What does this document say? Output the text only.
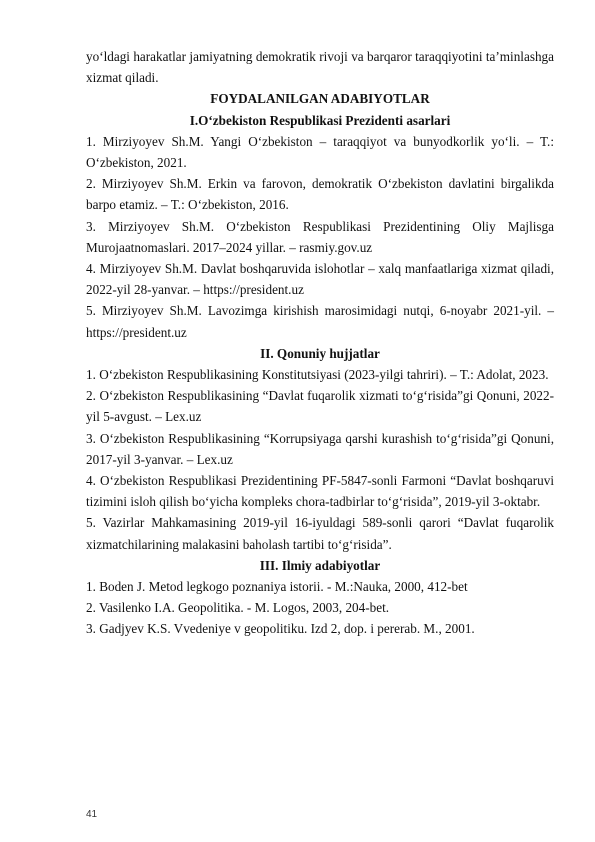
yo‘ldagi harakatlar jamiyatning demokratik rivoji va barqaror taraqqiyotini ta’minlashga xizmat qiladi.

FOYDALANILGAN ADABIYOTLAR

I.O‘zbekiston Respublikasi Prezidenti asarlari

1. Mirziyoyev Sh.M. Yangi O‘zbekiston – taraqqiyot va bunyodkorlik yo‘li. – T.: O‘zbekiston, 2021.

2. Mirziyoyev Sh.M. Erkin va farovon, demokratik O‘zbekiston davlatini birgalikda barpo etamiz. – T.: O‘zbekiston, 2016.

3. Mirziyoyev Sh.M. O‘zbekiston Respublikasi Prezidentining Oliy Majlisga Murojaatnomaslari. 2017–2024 yillar. – rasmiy.gov.uz

4. Mirziyoyev Sh.M. Davlat boshqaruvida islohotlar – xalq manfaatlariga xizmat qiladi, 2022-yil 28-yanvar. – https://president.uz

5. Mirziyoyev Sh.M. Lavozimga kirishish marosimidagi nutqi, 6-noyabr 2021-yil. – https://president.uz

II. Qonuniy hujjatlar

1. O‘zbekiston Respublikasining Konstitutsiyasi (2023-yilgi tahriri). – T.: Adolat, 2023.

2. O‘zbekiston Respublikasining “Davlat fuqarolik xizmati to‘g‘risida”gi Qonuni, 2022-yil 5-avgust. – Lex.uz

3. O‘zbekiston Respublikasining “Korrupsiyaga qarshi kurashish to‘g‘risida”gi Qonuni, 2017-yil 3-yanvar. – Lex.uz

4. O‘zbekiston Respublikasi Prezidentining PF-5847-sonli Farmoni “Davlat boshqaruvi tizimini isloh qilish bo‘yicha kompleks chora-tadbirlar to‘g‘risida”, 2019-yil 3-oktabr.

5. Vazirlar Mahkamasining 2019-yil 16-iyuldagi 589-sonli qarori “Davlat fuqarolik xizmatchilarining malakasini baholash tartibi to‘g‘risida”.

III. Ilmiy adabiyotlar

1. Boden J. Metod legkogo poznaniya istorii. - M.:Nauka, 2000, 412-bet

2. Vasilenko I.A. Geopolitika. - M. Logos, 2003, 204-bet.

3. Gadjyev K.S. Vvedeniye v geopolitiku. Izd 2, dop. i pererab. M., 2001.

41
